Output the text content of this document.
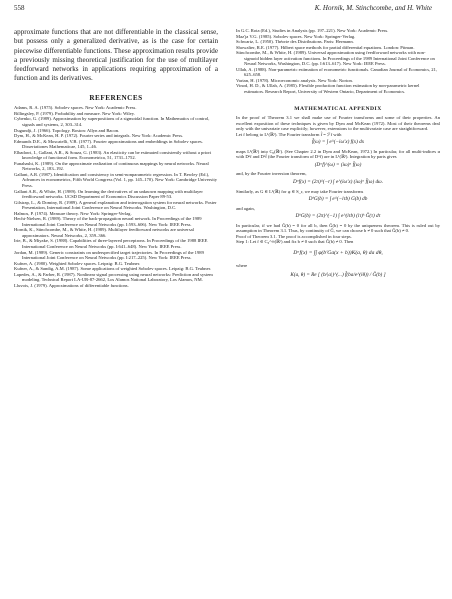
558	K. Hornik, M. Stinchcombe, and H. White
approximate functions that are not differentiable in the classical sense, but possess only a generalized derivative, as is the case for certain piecewise differentiable functions. These approximation results provide a previously missing theoretical justification for the use of multilayer feedforward networks in applications requiring approximation of a function and its derivatives.
REFERENCES

Adams, R. A. (1975). Sobolev spaces. New York: Academic Press.

Billingsley, P. (1979). Probability and measure. New York: Wiley.

Cybenko, G. (1989). Approximation by superpositions of a sigmoidal function. In Mathematics of control, signals and systems, 2, 303–314.

Dugundji, J. (1966). Topology. Boston: Allyn and Bacon.

Dym, H., & McKean, H. P. (1972). Fourier series and integrals. New York: Academic Press.

Edmunds D.E., & Moscatelli, V.B. (1977). Fourier approximations and embeddings in Sobolev spaces. Dissertationes Mathematicae, 145, 1–46.

Elbadawi, I., Gallant, A.R., & Souza, G. (1983). An elasticity can be estimated consistently without a priori knowledge of functional form. Econometrica, 51, 1731–1752.

Funahashi, K. (1989). On the approximate realization of continuous mappings by neural networks. Neural Networks, 2, 183–192.

Gallant, A.R. (1987). Identification and consistency in semi-nonparametric regression. In T. Bewley (Ed.), Advances in econometrics, Fifth World Congress (Vol. 1, pp. 145–170). New York: Cambridge University Press.

Gallant A.R., & White, H. (1989). On learning the derivatives of an unknown mapping with multilayer feedforward networks. UCSD Department of Economics Discussion Paper 89-53.

Gilstrap, L., & Dominy, R. (1989). A general explanation and interrogation system for neural networks. Poster Presentation, International Joint Conference on Neural Networks. Washington, D.C.

Halmos, P. (1974). Measure theory. New York: Springer-Verlag.

Hecht-Nielsen, R. (1989). Theory of the back-propagation neural network. In Proceedings of the 1989 International Joint Conference on Neural Networks (pp. I:593–606). New York: IEEE Press.

Hornik, K., Stinchcombe, M., & White, H. (1989). Multilayer feedforward networks are universal approximators. Neural Networks, 2, 359–366.

Irie, B., & Miyake, S. (1988). Capabilities of three-layered perceptrons. In Proceedings of the 1988 IEEE International Conference on Neural Networks (pp. I:641–648). New York: IEEE Press.

Jordan, M. (1989). Generic constraints on underspecified target trajectories. In Proceedings of the 1989 International Joint Conference on Neural Networks (pp. I:217–225). New York: IEEE Press.

Kufner, A. (1980). Weighted Sobolev spaces. Leipzig: B.G. Teubner.

Kufner, A., & Sandig, A.M. (1987). Some applications of weighted Sobolev spaces. Leipzig: B.G. Teubner.

Lapedes, A., & Farber, R. (1987). Nonlinear signal processing using neural networks: Prediction and system modeling. Technical Report LA-UR-87-2662, Los Alamos National Laboratory, Los Alamos, NM.

Lluvois, J. (1979). Approximations of differentiable functions.

In G.C. Rota (Ed.), Studies in Analysis (pp. 197–221). New York: Academic Press.

Maz'ja V.G. (1985). Sobolev spaces. New York: Springer-Verlag.

Schwartz, L. (1950). Théorie des Distributions. Paris: Hermann.

Showalter, R.E. (1977). Hilbert space methods for partial differential equations. London: Pitman.

Stinchcombe, M., & White, H. (1989). Universal approximation using feedforward networks with non-sigmoid hidden layer activation functions. In Proceedings of the 1989 International Joint Conference on Neural Networks, Washington, D.C. (pp. I:613–617). New York: IEEE Press.

Ullah, A. (1988). Non-parametric estimation of econometric functionals. Canadian Journal of Economics, 21, 625–658.

Varian, H. (1978). Microeconomic analysis. New York: Norton.

Vinod, H. D., & Ullah, A. (1985). Flexible production function estimation by non-parametric kernel estimators. Research Report, University of Western Ontario, Department of Economics.

MATHEMATICAL APPENDIX

In the proof of Theorem 3.1 we shall make use of Fourier transforms and some of their properties. An excellent exposition of these techniques is given by Dym and McKean (1972). Most of their theorems deal only with the univariate case explicitly; however, extensions to the multivariate case are straightforward.

Let f belong to L¹(ℝʳ). The Fourier transform f̂ = ℱf with

f̂(ω) = ∫ e^(−iω′x) f(x) dx

maps L¹(ℝʳ) into C₀(ℝʳ). (See Chapter 2.2 in Dym and McKean, 1972.) In particular, for all multi-indices α with Dᵅf and Dᵅf̂ (the Fourier transform of Dᵅf) are in L¹(ℝʳ). Integration by parts gives

(Dᵅf)^(ω) = (iω)ᵅ f̂(ω)

and, by the Fourier inversion theorem,

Dᵅf(x) = (2π)^(−r) ∫ e^(iω′x) (iω)ᵅ f̂(ω) dω.

Similarly, as G ∈ L¹(ℝ) for φ ∈ S_r, we may take Fourier transforms

DᵏG(b) = ∫ e^(−iτb) G(b) db

and again,

DᵏG(b) = (2π)^(−1) ∫ e^(iτb) (iτ)ᵏ Ĝ(τ) dτ

In particular, if we had Ĝ(b) = 0 for all b, then Ĝ(b) = 0 by the uniqueness theorem. This is ruled out by assumption in Theorem 3.1. Thus, by continuity of Ĝ, we can choose b ≠ 0 such that Ĝ(b) ≠ 0.

Proof of Theorem 3.1. The proof is accomplished in four steps.

Step 1: Let f ∈ C₀^∞(ℝʳ) and fix b ≠ 0 such that Ĝ(b) ≠ 0. Then

Dᵅf(x) = ∫∫ φ(b′Ga(x + b))K(a, θ) da dθ,

where

K(a, θ) = Re [ (b/|a|)^(...) f̂(ba/e^(iθ)) / Ĝ(b) ]
